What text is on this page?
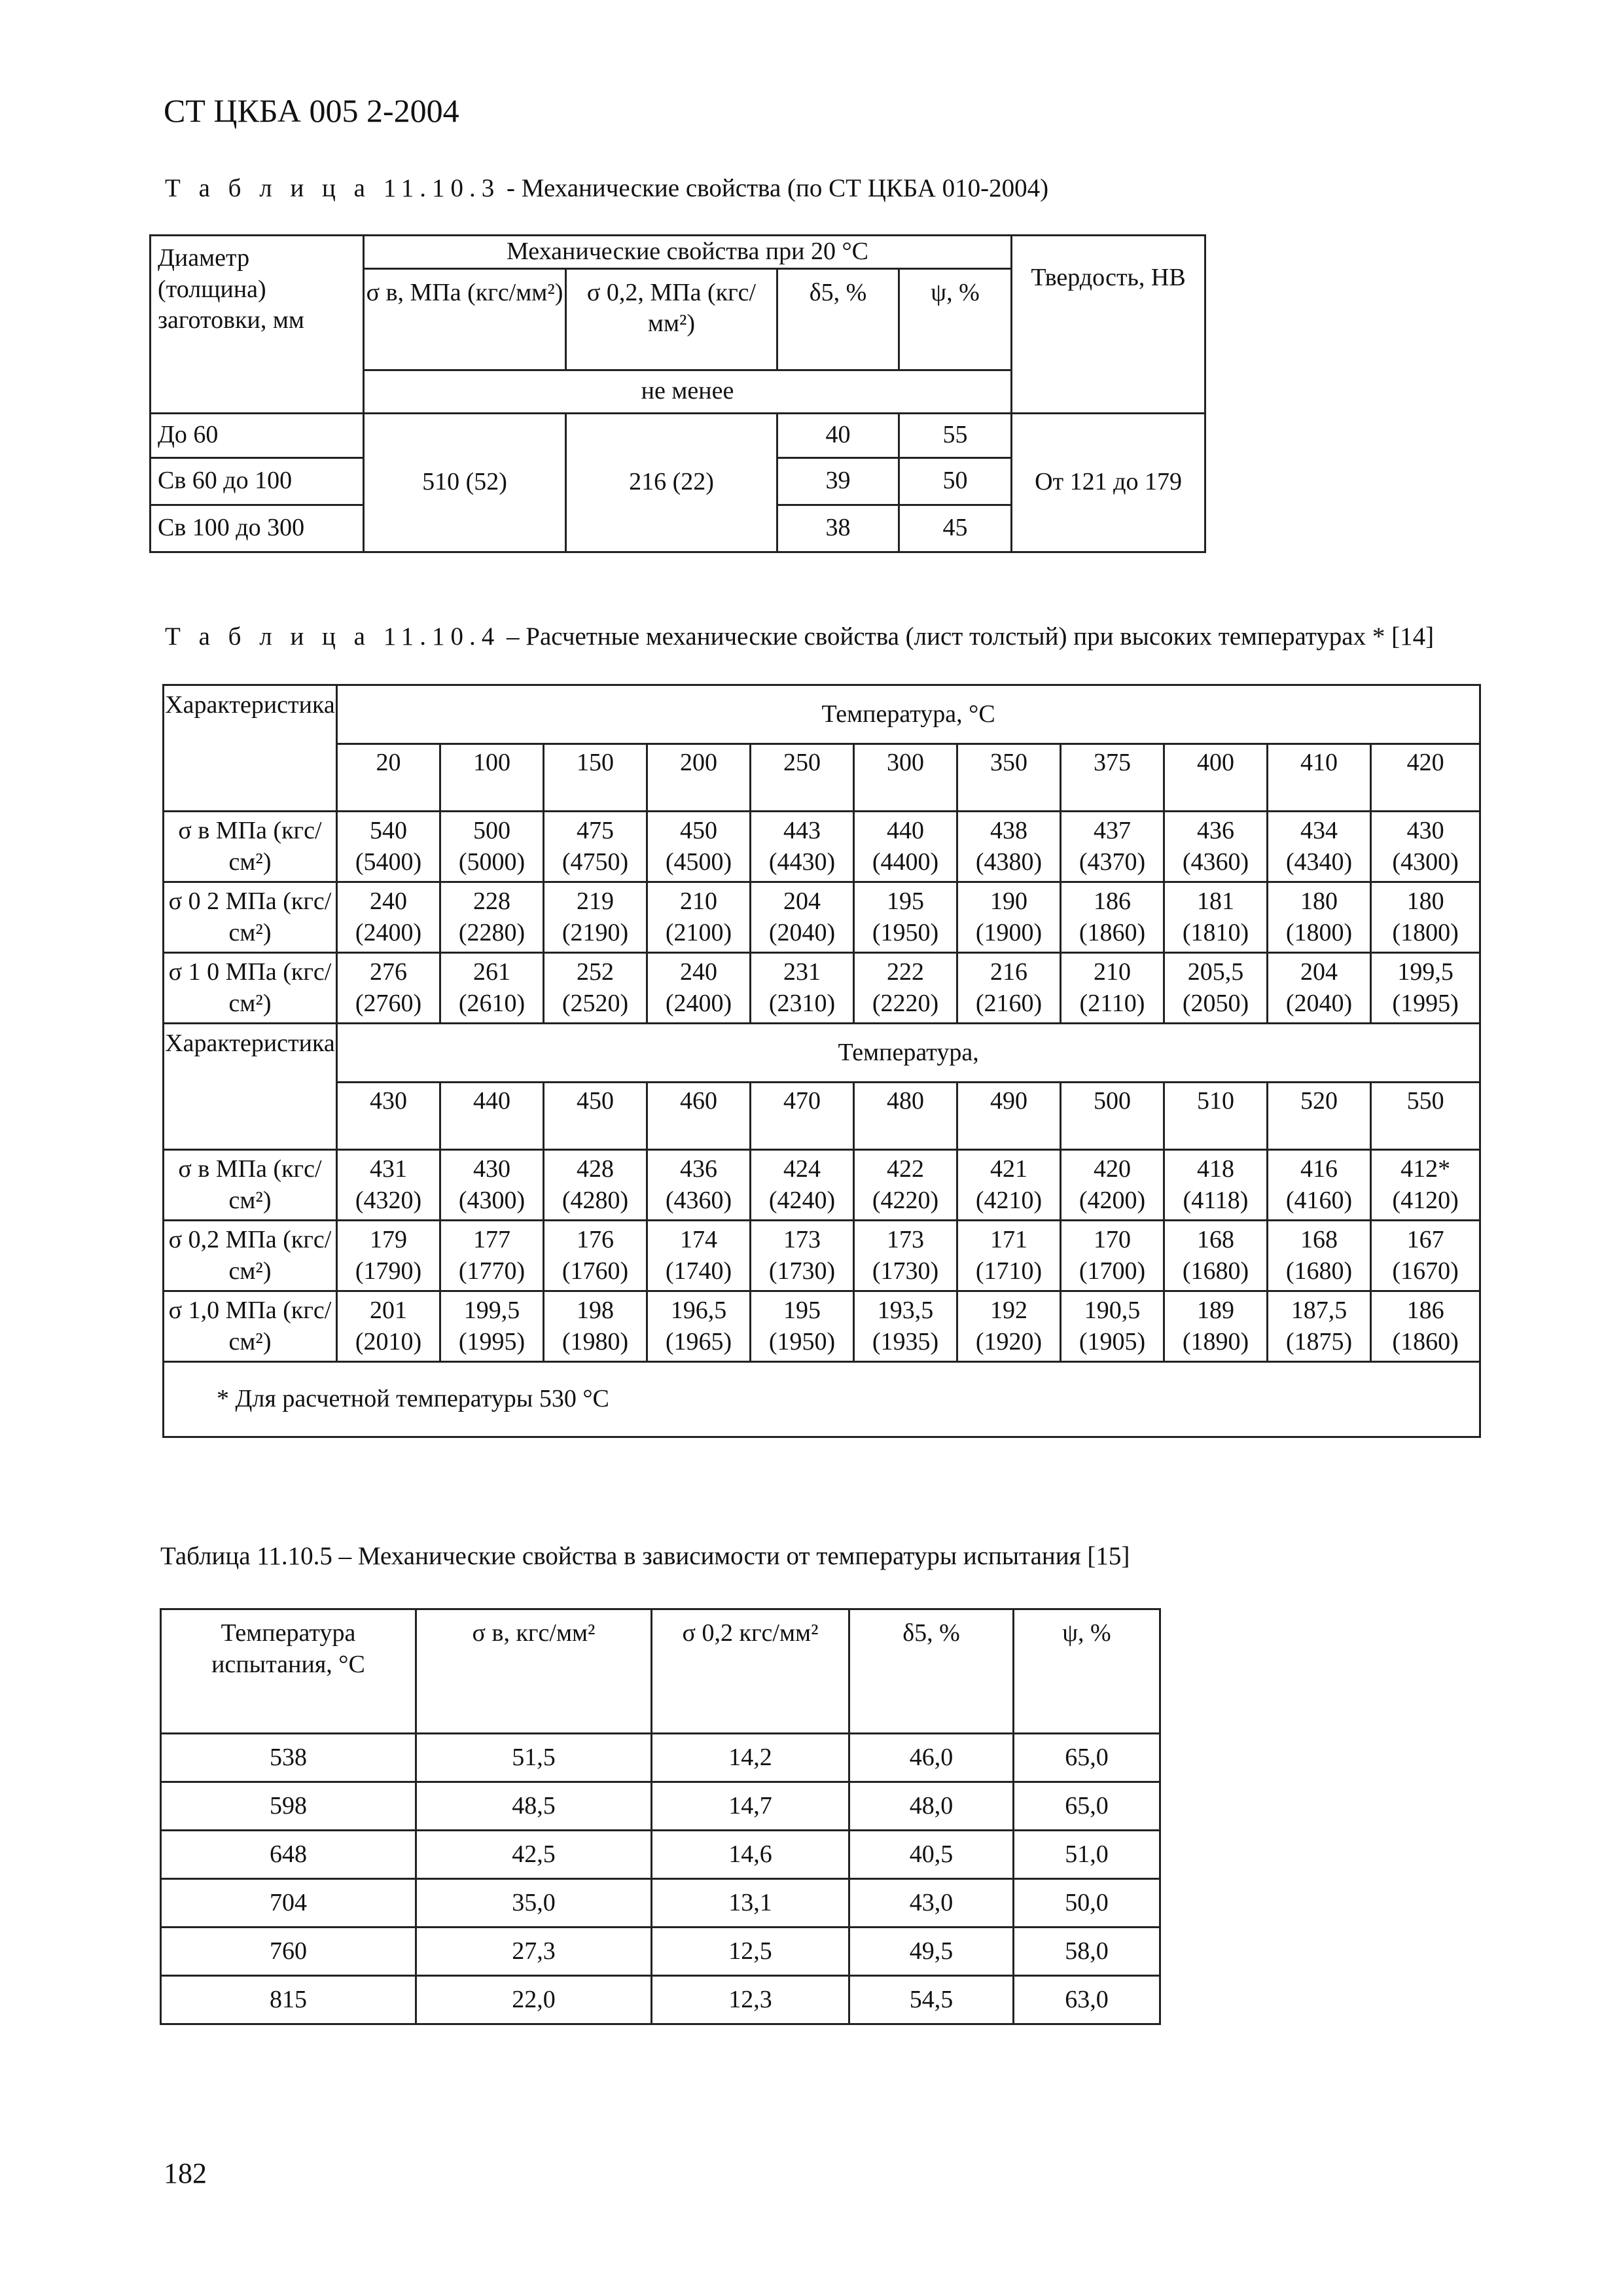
СТ ЦКБА 005 2-2004
Т а б л и ц а 11.10.3 - Механические свойства (по СТ ЦКБА 010-2004)
Диаметр (толщина) заготовки, мм	Механические свойства при 20 °С				Твердость, НВ
	σ в, МПа (кгс/мм²)	σ 0,2, МПа (кгс/мм²)	δ5, %	ψ, %	
	не менее				
До 60	510 (52)	216 (22)	40	55	От 121 до 179
Св 60 до 100			39	50	
Св 100 до 300			38	45	
Т а б л и ц а 11.10.4 – Расчетные механические свойства (лист толстый) при высоких температурах * [14]
Характеристика	Температура, °С										
	20	100	150	200	250	300	350	375	400	410	420
σ в МПа (кгс/см²)	540 (5400)	500 (5000)	475 (4750)	450 (4500)	443 (4430)	440 (4400)	438 (4380)	437 (4370)	436 (4360)	434 (4340)	430 (4300)
σ 0 2 МПа (кгс/см²)	240 (2400)	228 (2280)	219 (2190)	210 (2100)	204 (2040)	195 (1950)	190 (1900)	186 (1860)	181 (1810)	180 (1800)	180 (1800)
σ 1 0 МПа (кгс/см²)	276 (2760)	261 (2610)	252 (2520)	240 (2400)	231 (2310)	222 (2220)	216 (2160)	210 (2110)	205,5 (2050)	204 (2040)	199,5 (1995)
Характеристика	Температура,										
	430	440	450	460	470	480	490	500	510	520	550
σ в МПа (кгс/см²)	431 (4320)	430 (4300)	428 (4280)	436 (4360)	424 (4240)	422 (4220)	421 (4210)	420 (4200)	418 (4118)	416 (4160)	412* (4120)
σ 0,2 МПа (кгс/см²)	179 (1790)	177 (1770)	176 (1760)	174 (1740)	173 (1730)	173 (1730)	171 (1710)	170 (1700)	168 (1680)	168 (1680)	167 (1670)
σ 1,0 МПа (кгс/см²)	201 (2010)	199,5 (1995)	198 (1980)	196,5 (1965)	195 (1950)	193,5 (1935)	192 (1920)	190,5 (1905)	189 (1890)	187,5 (1875)	186 (1860)
* Для расчетной температуры 530 °С											
Таблица 11.10.5 – Механические свойства в зависимости от температуры испытания [15]
Температура испытания, °С	σ в, кгс/мм²	σ 0,2 кгс/мм²	δ5, %	ψ, %
538	51,5	14,2	46,0	65,0
598	48,5	14,7	48,0	65,0
648	42,5	14,6	40,5	51,0
704	35,0	13,1	43,0	50,0
760	27,3	12,5	49,5	58,0
815	22,0	12,3	54,5	63,0
182
